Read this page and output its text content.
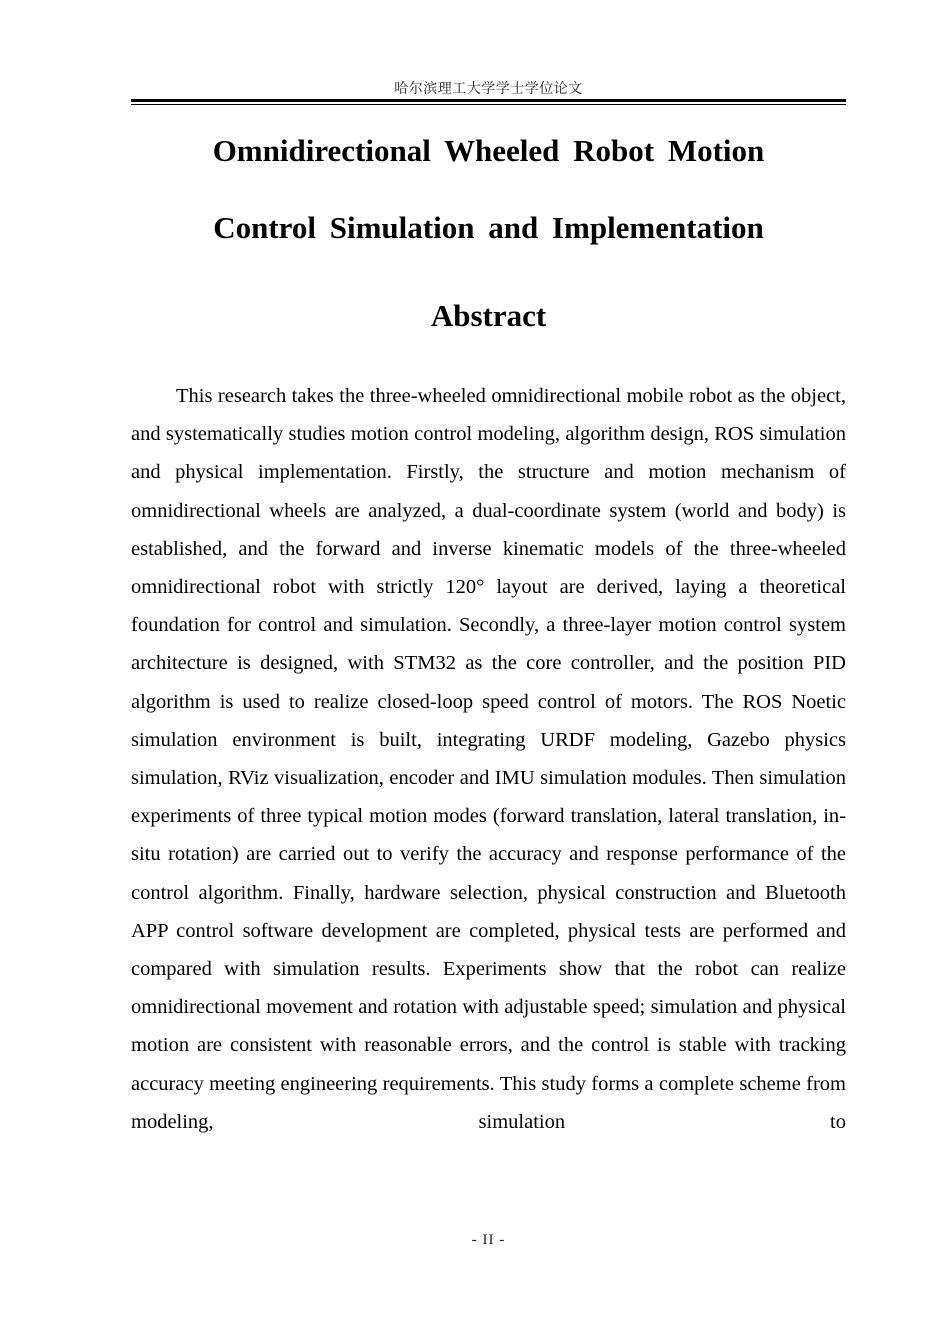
哈尔滨理工大学学士学位论文
Omnidirectional Wheeled Robot Motion
Control Simulation and Implementation
Abstract

This research takes the three-wheeled omnidirectional mobile robot as the object, and systematically studies motion control modeling, algorithm design, ROS simulation and physical implementation. Firstly, the structure and motion mechanism of omnidirectional wheels are analyzed, a dual-coordinate system (world and body) is established, and the forward and inverse kinematic models of the three-wheeled omnidirectional robot with strictly 120° layout are derived, laying a theoretical foundation for control and simulation. Secondly, a three-layer motion control system architecture is designed, with STM32 as the core controller, and the position PID algorithm is used to realize closed-loop speed control of motors. The ROS Noetic simulation environment is built, integrating URDF modeling, Gazebo physics simulation, RViz visualization, encoder and IMU simulation modules. Then simulation experiments of three typical motion modes (forward translation, lateral translation, in-situ rotation) are carried out to verify the accuracy and response performance of the control algorithm. Finally, hardware selection, physical construction and Bluetooth APP control software development are completed, physical tests are performed and compared with simulation results. Experiments show that the robot can realize omnidirectional movement and rotation with adjustable speed; simulation and physical motion are consistent with reasonable errors, and the control is stable with tracking accuracy meeting engineering requirements. This study forms a complete scheme from modeling, simulation to

- II -
